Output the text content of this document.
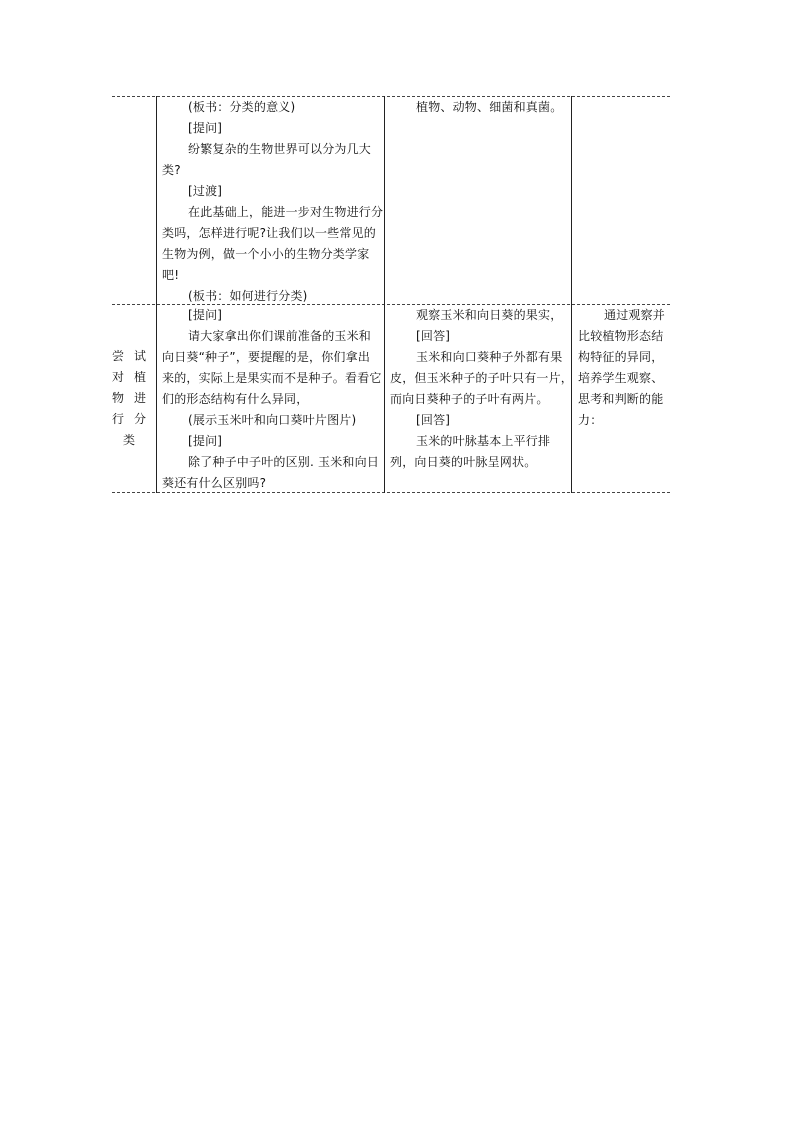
(板书：分类的意义)

[提问]

纷繁复杂的生物世界可以分为几大

类?

[过渡]

在此基础上，能进一步对生物进行分

类吗，怎样进行呢?让我们以一些常见的

生物为例，做一个小小的生物分类学家

吧!

(板书：如何进行分类)

植物、动物、细菌和真菌。

尝试

对植

物进

行分

类

[提问]

请大家拿出你们课前准备的玉米和

向日葵“种子”，要提醒的是，你们拿出

来的，实际上是果实而不是种子。看看它

们的形态结构有什么异同，

(展示玉米叶和向口葵叶片图片)

[提问]

除了种子中子叶的区别. 玉米和向日

葵还有什么区别吗?

观察玉米和向日葵的果实，

[回答]

玉米和向口葵种子外都有果

皮，但玉米种子的子叶只有一片，

而向日葵种子的子叶有两片。

[回答]

玉米的叶脉基本上平行排

列，向日葵的叶脉呈网状。

通过观察并

比较植物形态结

构特征的异同，

培养学生观察、

思考和判断的能

力：
